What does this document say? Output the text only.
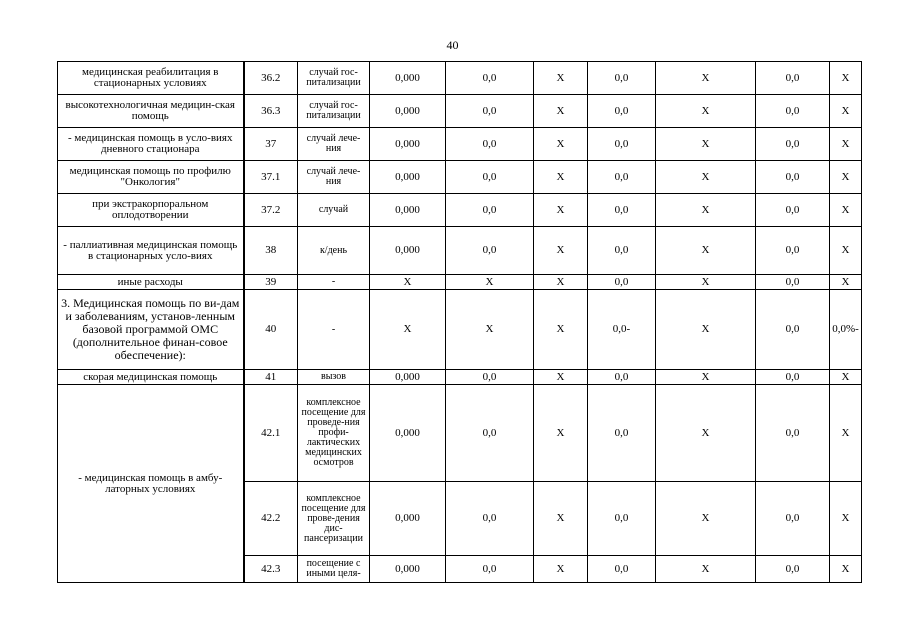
40
медицинская реабилитация в стационарных условиях	36.2	случай гос-питализации	0,000	0,0	Х	0,0	Х	0,0	Х
высокотехнологичная медицин-ская помощь	36.3	случай гос-питализации	0,000	0,0	Х	0,0	Х	0,0	Х
- медицинская помощь в усло-виях дневного стационара	37	случай лече-ния	0,000	0,0	Х	0,0	Х	0,0	Х
медицинская помощь по профилю "Онкология"	37.1	случай лече-ния	0,000	0,0	Х	0,0	Х	0,0	Х
при экстракорпоральном оплодотворении	37.2	случай	0,000	0,0	Х	0,0	Х	0,0	Х
- паллиативная медицинская помощь в стационарных усло-виях	38	к/день	0,000	0,0	Х	0,0	Х	0,0	Х
иные расходы	39	-	Х	Х	Х	0,0	Х	0,0	Х
3. Медицинская помощь по ви-дам и заболеваниям, установ-ленным базовой программой ОМС (дополнительное финан-совое обеспечение):	40	-	Х	Х	Х	0,0-	Х	0,0	0,0%-
скорая медицинская помощь	41	вызов	0,000	0,0	Х	0,0	Х	0,0	Х
- медицинская помощь в амбу-латорных условиях	42.1	комплексное посещение для проведе-ния профи-лактических медицинских осмотров	0,000	0,0	Х	0,0	Х	0,0	Х
	42.2	комплексное посещение для прове-дения дис-пансеризации	0,000	0,0	Х	0,0	Х	0,0	Х
	42.3	посещение с иными целя-	0,000	0,0	Х	0,0	Х	0,0	Х
